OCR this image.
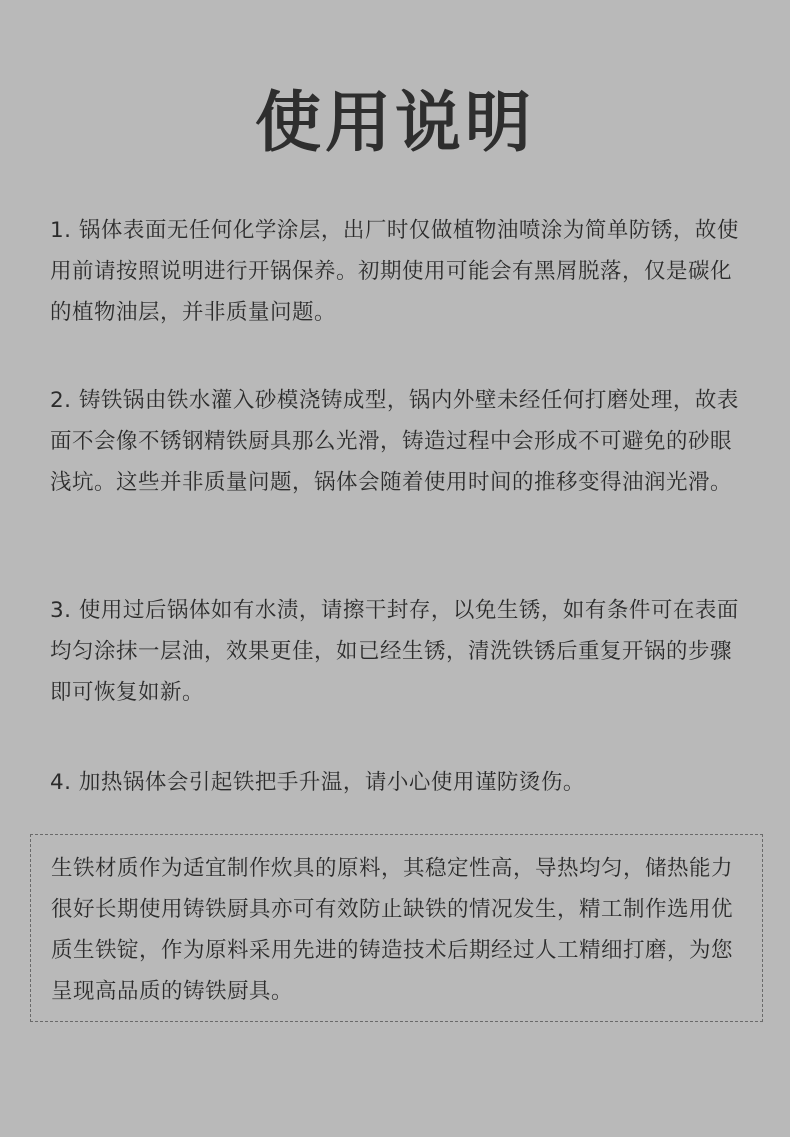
使用说明

1. 锅体表面无任何化学涂层，出厂时仅做植物油喷涂为简单防锈，故使用前请按照说明进行开锅保养。初期使用可能会有黑屑脱落，仅是碳化的植物油层，并非质量问题。

2. 铸铁锅由铁水灌入砂模浇铸成型，锅内外壁未经任何打磨处理，故表面不会像不锈钢精铁厨具那么光滑，铸造过程中会形成不可避免的砂眼浅坑。这些并非质量问题，锅体会随着使用时间的推移变得油润光滑。

3. 使用过后锅体如有水渍，请擦干封存，以免生锈，如有条件可在表面均匀涂抹一层油，效果更佳，如已经生锈，清洗铁锈后重复开锅的步骤即可恢复如新。

4. 加热锅体会引起铁把手升温，请小心使用谨防烫伤。

生铁材质作为适宜制作炊具的原料，其稳定性高，导热均匀，储热能力很好长期使用铸铁厨具亦可有效防止缺铁的情况发生，精工制作选用优质生铁锭，作为原料采用先进的铸造技术后期经过人工精细打磨，为您呈现高品质的铸铁厨具。
